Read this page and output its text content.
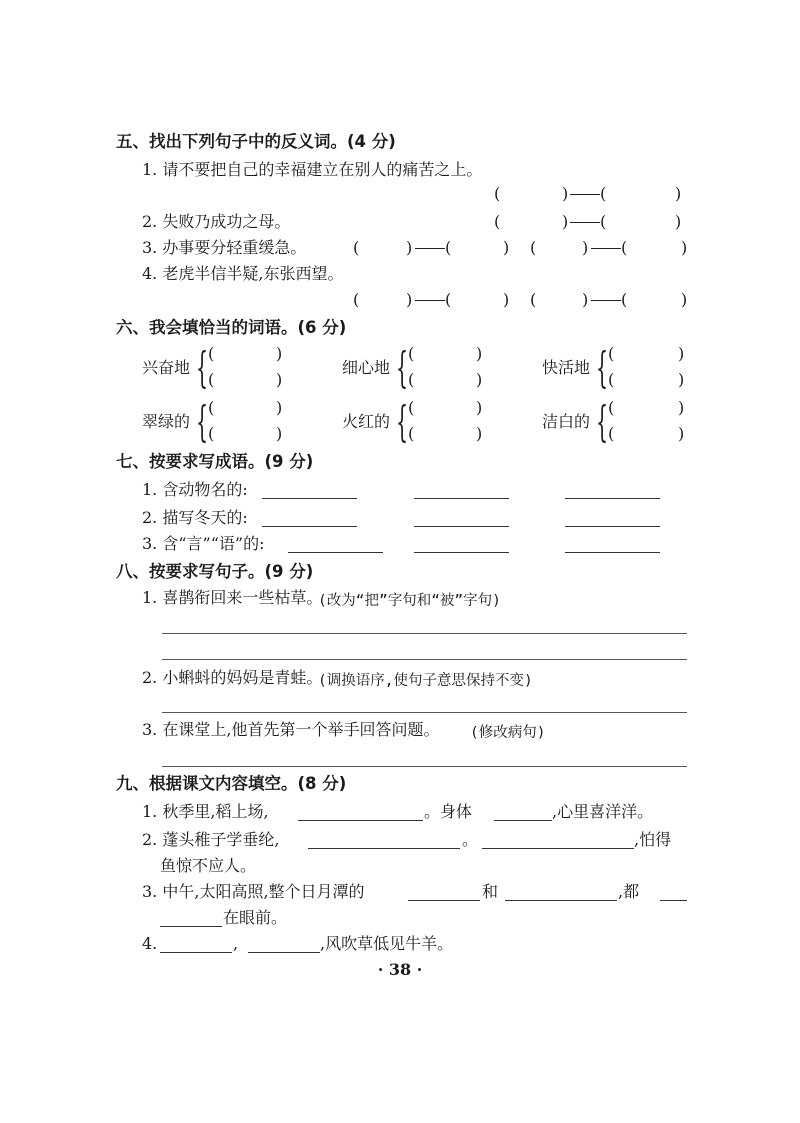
五、找出下列句子中的反义词。(4 分)
1. 请不要把自己的幸福建立在别人的痛苦之上。
(	) (	)
2. 失败乃成功之母。	(	) (	)
3. 办事要分轻重缓急。	(	) (	) (	) (	)
4. 老虎半信半疑,东张西望。
(	) (	) (	) (	)
六、我会填恰当的词语。(6 分)
兴奋地 { (	)
(	)
细心地 { (	)
(	)
快活地 { (	)
(	)
翠绿的 { (	)
(	)
火红的 { (	)
(	)
洁白的 { (	)
(	)
七、按要求写成语。(9 分)
1. 含动物名的:
2. 描写冬天的:
3. 含“言”“语”的:
八、按要求写句子。(9 分)
1. 喜鹊衔回来一些枯草。
(改为“把”字句和“被”字句)
2. 小蝌蚪的妈妈是青蛙。
(调换语序,使句子意思保持不变)
3. 在课堂上,他首先第一个举手回答问题。 (修改病句)
九、根据课文内容填空。(8 分)
1. 秋季里,稻上场,	。身体	,心里喜洋洋。
2. 蓬头稚子学垂纶,	。	,怕得
鱼惊不应人。
3. 中午,太阳高照,整个日月潭的	和	,都
在眼前。
4.	,	,风吹草低见牛羊。
· 38 ·
